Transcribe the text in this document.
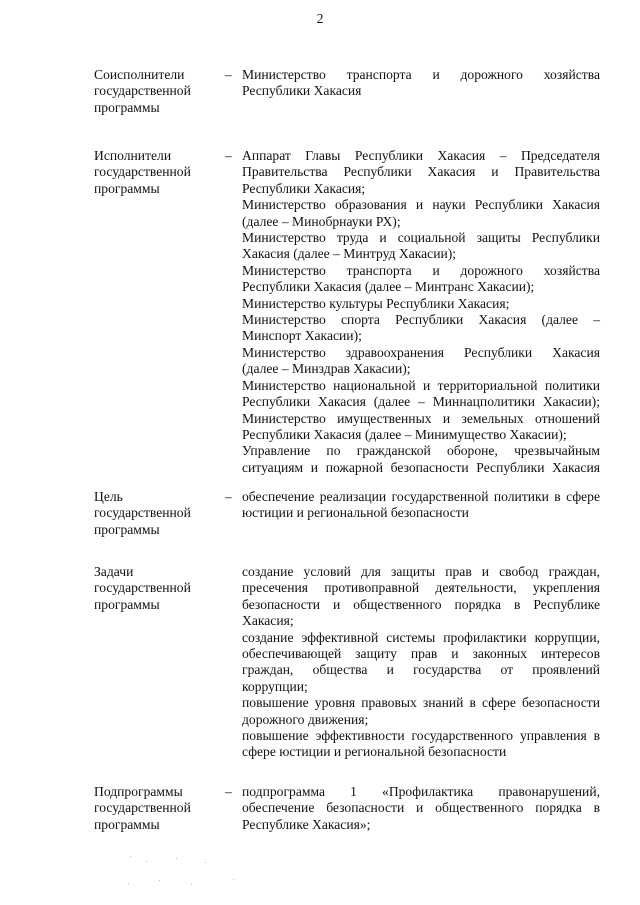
2
Соисполнители
государственной
программы
– Министерство транспорта и дорожного хозяйства
Республики Хакасия
Исполнители
государственной
программы
– Аппарат Главы Республики Хакасия – Председателя
Правительства Республики Хакасия и Правительства
Республики Хакасия;
Министерство образования и науки Республики Хакасия
(далее – Минобрнауки РХ);
Министерство труда и социальной защиты Республики
Хакасия (далее – Минтруд Хакасии);
Министерство транспорта и дорожного хозяйства
Республики Хакасия (далее – Минтранс Хакасии);
Министерство культуры Республики Хакасия;
Министерство спорта Республики Хакасия (далее –
Минспорт Хакасии);
Министерство здравоохранения Республики Хакасия
(далее – Минздрав Хакасии);
Министерство национальной и территориальной политики
Республики Хакасия (далее – Миннацполитики Хакасии);
Министерство имущественных и земельных отношений
Республики Хакасия (далее – Минимущество Хакасии);
Управление по гражданской обороне, чрезвычайным
ситуациям и пожарной безопасности Республики Хакасия
Цель
государственной
программы
– обеспечение реализации государственной политики в сфере
юстиции и региональной безопасности
Задачи
государственной
программы
создание условий для защиты прав и свобод граждан,
пресечения противоправной деятельности, укрепления
безопасности и общественного порядка в Республике
Хакасия;
создание эффективной системы профилактики коррупции,
обеспечивающей защиту прав и законных интересов
граждан, общества и государства от проявлений
коррупции;
повышение уровня правовых знаний в сфере безопасности
дорожного движения;
повышение эффективности государственного управления в
сфере юстиции и региональной безопасности
Подпрограммы
государственной
программы
– подпрограмма 1 «Профилактика правонарушений,
обеспечение безопасности и общественного порядка в
Республике Хакасия»;
